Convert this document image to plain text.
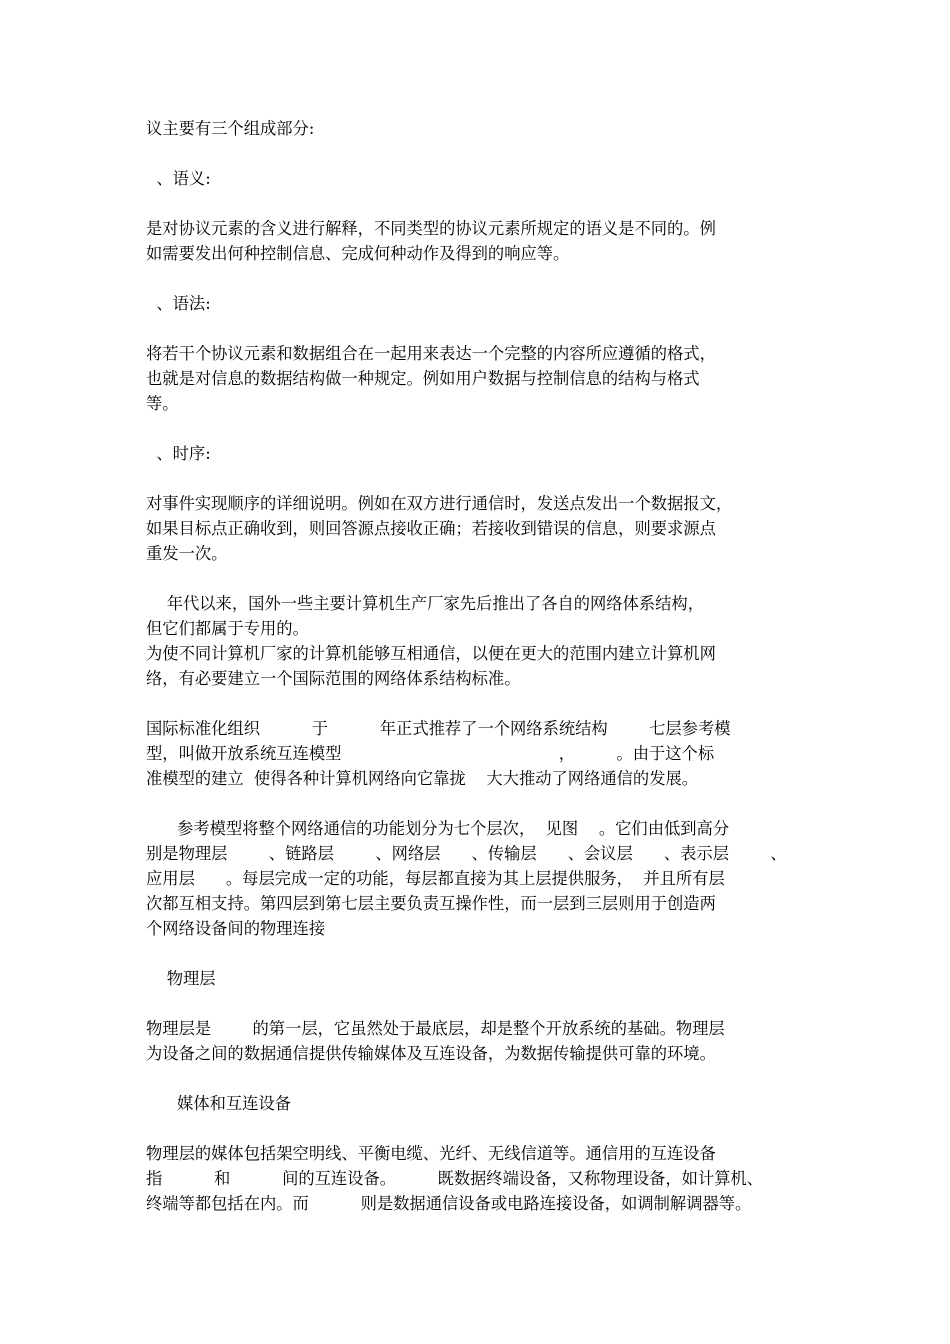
议主要有三个组成部分:
、语义:
是对协议元素的含义进行解释，不同类型的协议元素所规定的语义是不同的。例
如需要发出何种控制信息、完成何种动作及得到的响应等。
、语法:
将若干个协议元素和数据组合在一起用来表达一个完整的内容所应遵循的格式，
也就是对信息的数据结构做一种规定。例如用户数据与控制信息的结构与格式
等。
、时序:
对事件实现顺序的详细说明。例如在双方进行通信时，发送点发出一个数据报文，
如果目标点正确收到，则回答源点接收正确；若接收到错误的信息，则要求源点
重发一次。
年代以来，国外一些主要计算机生产厂家先后推出了各自的网络体系结构，
但它们都属于专用的。
为使不同计算机厂家的计算机能够互相通信，以便在更大的范围内建立计算机网
络，有必要建立一个国际范围的网络体系结构标准。
国际标准化组织          于          年正式推荐了一个网络系统结构        七层参考模
型，叫做开放系统互连模型                                          ，        。由于这个标
准模型的建立  使得各种计算机网络向它靠拢    大大推动了网络通信的发展。
参考模型将整个网络通信的功能划分为七个层次，  见图    。它们由低到高分
别是物理层        、链路层        、网络层      、传输层      、会议层      、表示层        、
应用层      。每层完成一定的功能，每层都直接为其上层提供服务，  并且所有层
次都互相支持。第四层到第七层主要负责互操作性，而一层到三层则用于创造两
个网络设备间的物理连接
物理层
物理层是        的第一层，它虽然处于最底层，却是整个开放系统的基础。物理层
为设备之间的数据通信提供传输媒体及互连设备，为数据传输提供可靠的环境。
媒体和互连设备
物理层的媒体包括架空明线、平衡电缆、光纤、无线信道等。通信用的互连设备
指          和          间的互连设备。        既数据终端设备，又称物理设备，如计算机、
终端等都包括在内。而          则是数据通信设备或电路连接设备，如调制解调器等。
